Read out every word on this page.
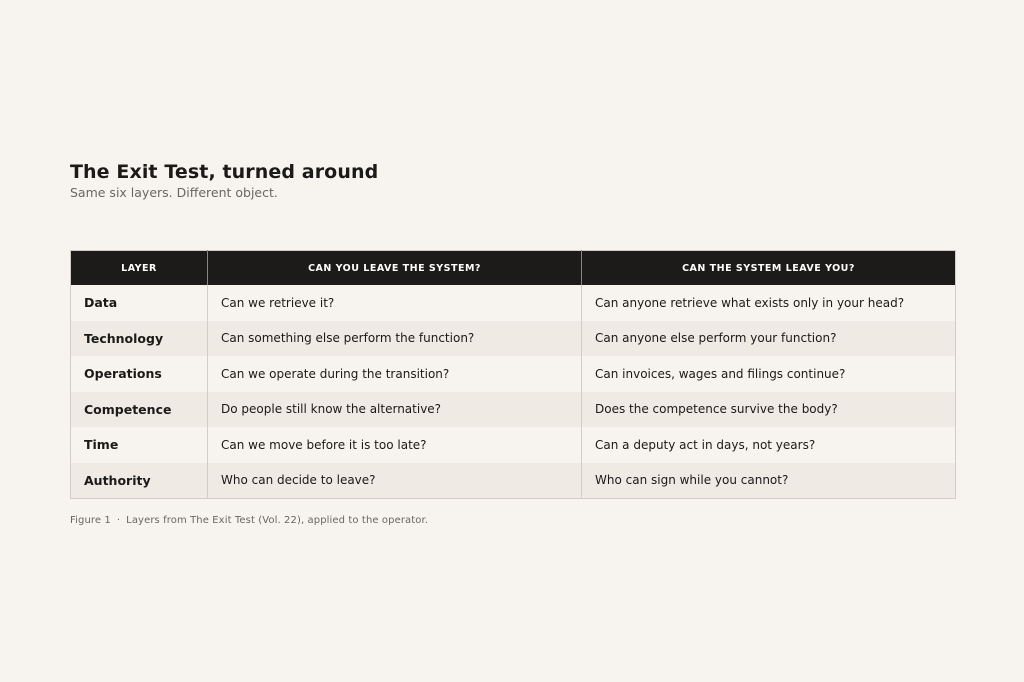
The Exit Test, turned around
Same six layers. Different object.
LAYER	CAN YOU LEAVE THE SYSTEM?	CAN THE SYSTEM LEAVE YOU?
Data	Can we retrieve it?	Can anyone retrieve what exists only in your head?
Technology	Can something else perform the function?	Can anyone else perform your function?
Operations	Can we operate during the transition?	Can invoices, wages and filings continue?
Competence	Do people still know the alternative?	Does the competence survive the body?
Time	Can we move before it is too late?	Can a deputy act in days, not years?
Authority	Who can decide to leave?	Who can sign while you cannot?
Figure 1 · Layers from The Exit Test (Vol. 22), applied to the operator.
